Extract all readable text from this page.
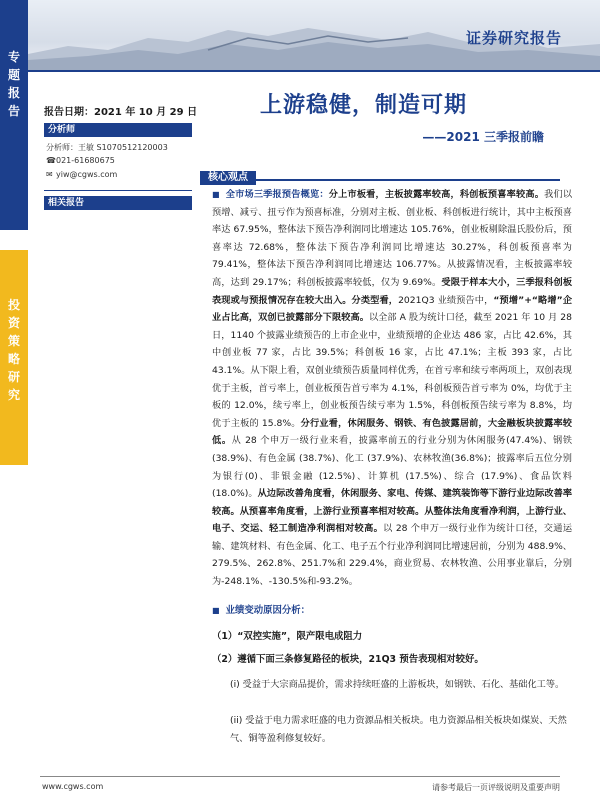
专
题
报
告
投
资
策
略
研
究
证券研究报告
报告日期：2021 年 10 月 29 日	上游稳健，制造可期
——2021 三季报前瞻
分析师
分析师：王敏 S1070512120003
☎021-61680675
✉ yiw@cgws.com
相关报告
核心观点

■ 全市场三季报预告概览：分上市板看，主板披露率较高，科创板预喜率较高。我们以预增、减亏、扭亏作为预喜标准，分别对主板、创业板、科创板进行统计，其中主板预喜率达 67.95%，整体法下预告净利润同比增速达 105.76%，创业板剔除温氏股份后，预喜率达 72.68%，整体法下预告净利润同比增速达 30.27%，科创板预喜率为 79.41%，整体法下预告净利润同比增速达 106.77%。从披露情况看，主板披露率较高，达到 29.17%；科创板披露率较低，仅为 9.69%。受限于样本大小，三季报科创板表现或与预报情况存在较大出入。分类型看，2021Q3 业绩预告中，“预增”+“略增”企业占比高，双创已披露部分下限较高。以全部 A 股为统计口径，截至 2021 年 10 月 28 日，1140 个披露业绩预告的上市企业中，业绩预增的企业达 486 家，占比 42.6%，其中创业板 77 家，占比 39.5%；科创板 16 家，占比 47.1%；主板 393 家，占比 43.1%。从下限上看，双创业绩预告质量同样优秀，在首亏率和续亏率两项上，双创表现优于主板，首亏率上，创业板预告首亏率为 4.1%，科创板预告首亏率为 0%，均优于主板的 12.0%，续亏率上，创业板预告续亏率为 1.5%，科创板预告续亏率为 8.8%，均优于主板的 15.8%。分行业看，休闲服务、钢铁、有色披露居前，大金融板块披露率较低。从 28 个申万一级行业来看，披露率前五的行业分别为休闲服务(47.4%)、钢铁 (38.9%)、有色金属 (38.7%)、化工 (37.9%)、农林牧渔(36.8%)；披露率后五位分别为银行(0)、非银金融 (12.5%)、计算机 (17.5%)、综合 (17.9%)、食品饮料 (18.0%)。从边际改善角度看，休闲服务、家电、传媒、建筑装饰等下游行业边际改善率较高。从预喜率角度看，上游行业预喜率相对较高。从整体法角度看净利润，上游行业、电子、交运、轻工制造净利润相对较高。以 28 个申万一级行业作为统计口径，交通运输、建筑材料、有色金属、化工、电子五个行业净利润同比增速居前，分别为 488.9%、279.5%、262.8%、251.7%和 229.4%，商业贸易、农林牧渔、公用事业靠后，分别为-248.1%、-130.5%和-93.2%。

■ 业绩变动原因分析：
（1）“双控实施”，限产限电成阻力
（2）遵循下面三条修复路径的板块，21Q3 预告表现相对较好。
(i) 受益于大宗商品提价，需求持续旺盛的上游板块，如钢铁、石化、基础化工等。
(ii) 受益于电力需求旺盛的电力资源品相关板块。电力资源品相关板块如煤炭、天然气、铜等盈利修复较好。
www.cgws.com	请参考最后一页评级说明及重要声明
